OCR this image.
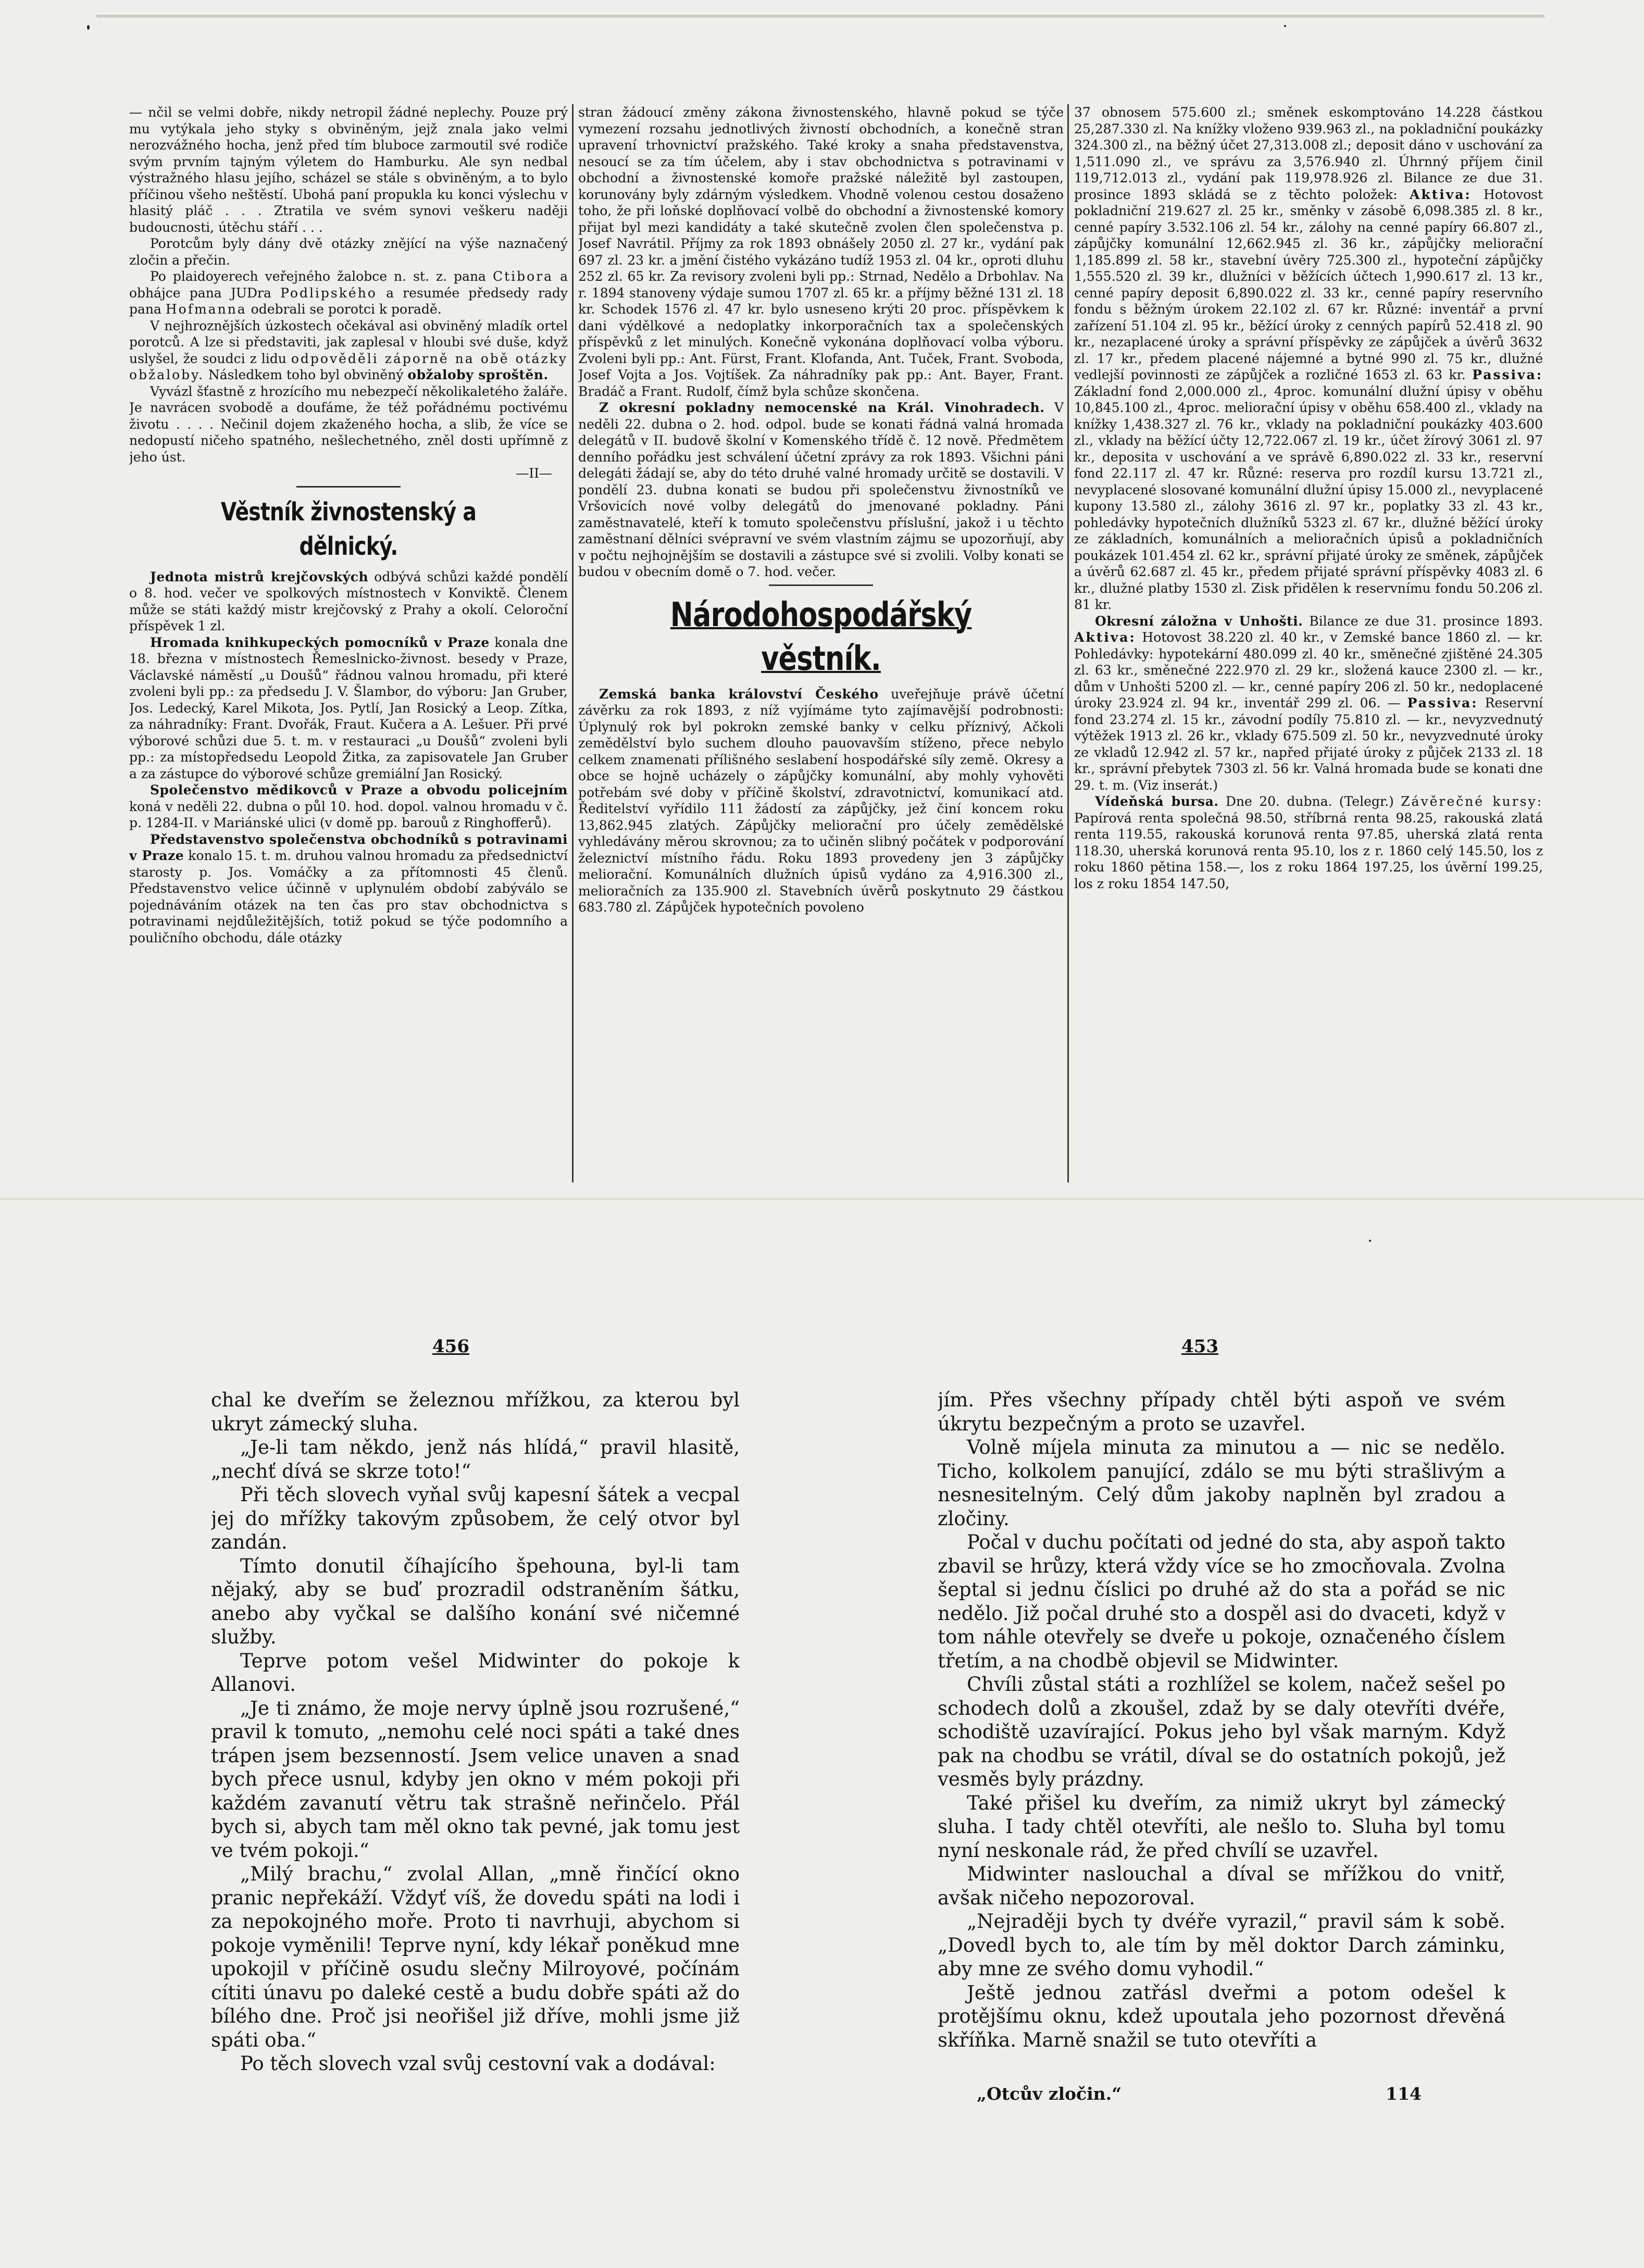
— nčil se velmi dobře, nikdy netropil žádné neplechy. Pouze prý mu vytýkala jeho styky s obviněným, jejž znala jako velmi nerozvážného hocha, jenž před tím bluboce zarmoutil své rodiče svým prvním tajným výletem do Hamburku. Ale syn nedbal výstražného hlasu jejího, scházel se stále s obviněným, a to bylo příčinou všeho neštěstí. Ubohá paní propukla ku konci výslechu v hlasitý pláč . . . Ztratila ve svém synovi veškeru naději budoucnosti, útěchu stáří . . .

Porotcům byly dány dvě otázky znějící na výše naznačený zločin a přečin.

Po plaidoyerech veřejného žalobce n. st. z. pana Ctibora a obhájce pana JUDra Podlipského a resumée předsedy rady pana Hofmanna odebrali se porotci k poradě.

V nejhroznějších úzkostech očekával asi obviněný mladík ortel porotců. A lze si představiti, jak zaplesal v hloubi své duše, když uslyšel, že soudci z lidu odpověděli záporně na obě otázky obžaloby. Následkem toho byl obviněný obžaloby sproštěn.

Vyvázl šťastně z hrozícího mu nebezpečí několikaletého žaláře. Je navrácen svobodě a doufáme, že též pořádnému poctivému životu . . . . Nečinil dojem zkaženého hocha, a slib, že více se nedopustí ničeho spatného, nešlechetného, zněl dosti upřímně z jeho úst.

—II—
Věstník živnostenský a dělnický.

Jednota mistrů krejčovských odbývá schůzi každé pondělí o 8. hod. večer ve spolkových místnostech v Konviktě. Členem může se státi každý mistr krejčovský z Prahy a okolí. Celoroční příspěvek 1 zl.

Hromada knihkupeckých pomocníků v Praze konala dne 18. března v místnostech Řemeslnicko-živnost. besedy v Praze, Václavské náměstí „u Doušů“ řádnou valnou hromadu, při které zvoleni byli pp.: za předsedu J. V. Šlambor, do výboru: Jan Gruber, Jos. Ledecký, Karel Mikota, Jos. Pytlí, Jan Rosický a Leop. Zítka, za náhradníky: Frant. Dvořák, Fraut. Kučera a A. Lešuer. Při prvé výborové schůzi due 5. t. m. v restauraci „u Doušů“ zvoleni byli pp.: za místopředsedu Leopold Žitka, za zapisovatele Jan Gruber a za zástupce do výborové schůze gremiální Jan Rosický.

Společenstvo mědikovců v Praze a obvodu policejním koná v neděli 22. dubna o půl 10. hod. dopol. valnou hromadu v č. p. 1284-II. v Mariánské ulici (v domě pp. barouů z Ringhofferů).

Představenstvo společenstva obchodníků s potravinami v Praze konalo 15. t. m. druhou valnou hromadu za předsednictví starosty p. Jos. Vomáčky a za přítomnosti 45 členů. Představenstvo velice účinně v uplynulém období zabýválo se pojednáváním otázek na ten čas pro stav obchodnictva s potravinami nejdůležitějších, totiž pokud se týče podomního a pouličního obchodu, dále otázky

stran žádoucí změny zákona živnostenského, hlavně pokud se týče vymezení rozsahu jednotlivých živností obchodních, a konečně stran upravení trhovnictví pražského. Také kroky a snaha představenstva, nesoucí se za tím účelem, aby i stav obchodnictva s potravinami v obchodní a živnostenské komoře pražské náležitě byl zastoupen, korunovány byly zdárným výsledkem. Vhodně volenou cestou dosaženo toho, že při loňské doplňovací volbě do obchodní a živnostenské komory přijat byl mezi kandidáty a také skutečně zvolen člen společenstva p. Josef Navrátil. Příjmy za rok 1893 obnášely 2050 zl. 27 kr., vydání pak 697 zl. 23 kr. a jmění čistého vykázáno tudíž 1953 zl. 04 kr., oproti dluhu 252 zl. 65 kr. Za revisory zvoleni byli pp.: Strnad, Nedělo a Drbohlav. Na r. 1894 stanoveny výdaje sumou 1707 zl. 65 kr. a příjmy běžné 131 zl. 18 kr. Schodek 1576 zl. 47 kr. bylo usneseno krýti 20 proc. příspěvkem k dani výdělkové a nedoplatky inkorporačních tax a společenských příspěvků z let minulých. Konečně vykonána doplňovací volba výboru. Zvoleni byli pp.: Ant. Fürst, Frant. Klofanda, Ant. Tuček, Frant. Svoboda, Josef Vojta a Jos. Vojtíšek. Za náhradníky pak pp.: Ant. Bayer, Frant. Bradáč a Frant. Rudolf, čímž byla schůze skončena.

Z okresní pokladny nemocenské na Král. Vinohradech. V neděli 22. dubna o 2. hod. odpol. bude se konati řádná valná hromada delegátů v II. budově školní v Komenského třídě č. 12 nově. Předmětem denního pořádku jest schválení účetní zprávy za rok 1893. Všichni páni delegáti žádají se, aby do této druhé valné hromady určitě se dostavili. V pondělí 23. dubna konati se budou při společenstvu živnostníků ve Vršovicích nové volby delegátů do jmenované pokladny. Páni zaměstnavatelé, kteří k tomuto společenstvu příslušní, jakož i u těchto zaměstnaní dělníci svépravní ve svém vlastním zájmu se upozorňují, aby v počtu nejhojnějším se dostavili a zástupce své si zvolili. Volby konati se budou v obecním domě o 7. hod. večer.

Národohospodářský věstník.

Zemská banka království Českého uveřejňuje právě účetní závěrku za rok 1893, z níž vyjímáme tyto zajímavější podrobnosti: Úplynulý rok byl pokrokn zemské banky v celku příznivý, Ačkoli zemědělství bylo suchem dlouho pauovavším stíženo, přece nebylo celkem znamenati přílišného seslabení hospodářské síly země. Okresy a obce se hojně ucházely o zápůjčky komunální, aby mohly vyhověti potřebám své doby v příčině školství, zdravotnictví, komunikací atd. Ředitelství vyřídilo 111 žádostí za zápůjčky, jež činí koncem roku 13,862.945 zlatých. Zápůjčky meliorační pro účely zemědělské vyhledávány měrou skrovnou; za to učiněn slibný počátek v podporování železnictví místního řádu. Roku 1893 provedeny jen 3 zápůjčky meliorační. Komunálních dlužních úpisů vydáno za 4,916.300 zl., melioračních za 135.900 zl. Stavebních úvěrů poskytnuto 29 částkou 683.780 zl. Zápůjček hypotečních povoleno

37 obnosem 575.600 zl.; směnek eskomptováno 14.228 částkou 25,287.330 zl. Na knížky vloženo 939.963 zl., na pokladniční poukázky 324.300 zl., na běžný účet 27,313.008 zl.; deposit dáno v uschování za 1,511.090 zl., ve správu za 3,576.940 zl. Úhrnný příjem činil 119,712.013 zl., vydání pak 119,978.926 zl. Bilance ze due 31. prosince 1893 skládá se z těchto položek: Aktiva: Hotovost pokladniční 219.627 zl. 25 kr., směnky v zásobě 6,098.385 zl. 8 kr., cenné papíry 3.532.106 zl. 54 kr., zálohy na cenné papíry 66.807 zl., zápůjčky komunální 12,662.945 zl. 36 kr., zápůjčky meliorační 1,185.899 zl. 58 kr., stavební úvěry 725.300 zl., hypoteční zápůjčky 1,555.520 zl. 39 kr., dlužníci v běžících účtech 1,990.617 zl. 13 kr., cenné papíry deposit 6,890.022 zl. 33 kr., cenné papíry reservního fondu s běžným úrokem 22.102 zl. 67 kr. Různé: inventář a první zařízení 51.104 zl. 95 kr., běžící úroky z cenných papírů 52.418 zl. 90 kr., nezaplacené úroky a správní příspěvky ze zápůjček a úvěrů 3632 zl. 17 kr., předem placené nájemné a bytné 990 zl. 75 kr., dlužné vedlejší povinnosti ze zápůjček a rozličné 1653 zl. 63 kr. Passiva: Základní fond 2,000.000 zl., 4proc. komunální dlužní úpisy v oběhu 10,845.100 zl., 4proc. meliorační úpisy v oběhu 658.400 zl., vklady na knížky 1,438.327 zl. 76 kr., vklady na pokladniční poukázky 403.600 zl., vklady na běžící účty 12,722.067 zl. 19 kr., účet žírový 3061 zl. 97 kr., deposita v uschování a ve správě 6,890.022 zl. 33 kr., reservní fond 22.117 zl. 47 kr. Různé: reserva pro rozdíl kursu 13.721 zl., nevyplacené slosované komunální dlužní úpisy 15.000 zl., nevyplacené kupony 13.580 zl., zálohy 3616 zl. 97 kr., poplatky 33 zl. 43 kr., pohledávky hypotečních dlužníků 5323 zl. 67 kr., dlužné běžící úroky ze základních, komunálních a melioračních úpisů a pokladničních poukázek 101.454 zl. 62 kr., správní přijaté úroky ze směnek, zápůjček a úvěrů 62.687 zl. 45 kr., předem přijaté správní příspěvky 4083 zl. 6 kr., dlužné platby 1530 zl. Zisk přidělen k reservnímu fondu 50.206 zl. 81 kr.

Okresní záložna v Unhošti. Bilance ze due 31. prosince 1893. Aktiva: Hotovost 38.220 zl. 40 kr., v Zemské bance 1860 zl. — kr. Pohledávky: hypotekární 480.099 zl. 40 kr., směnečné zjištěné 24.305 zl. 63 kr., směnečné 222.970 zl. 29 kr., složená kauce 2300 zl. — kr., dům v Unhošti 5200 zl. — kr., cenné papíry 206 zl. 50 kr., nedoplacené úroky 23.924 zl. 94 kr., inventář 299 zl. 06. — Passiva: Reservní fond 23.274 zl. 15 kr., závodní podíly 75.810 zl. — kr., nevyzvednutý výtěžek 1913 zl. 26 kr., vklady 675.509 zl. 50 kr., nevyzvednuté úroky ze vkladů 12.942 zl. 57 kr., napřed přijaté úroky z půjček 2133 zl. 18 kr., správní přebytek 7303 zl. 56 kr. Valná hromada bude se konati dne 29. t. m. (Viz inserát.)

Vídeňská bursa. Dne 20. dubna. (Telegr.) Závěrečné kursy: Papírová renta společná 98.50, stříbrná renta 98.25, rakouská zlatá renta 119.55, rakouská korunová renta 97.85, uherská zlatá renta 118.30, uherská korunová renta 95.10, los z r. 1860 celý 145.50, los z roku 1860 pětina 158.—, los z roku 1864 197.25, los úvěrní 199.25, los z roku 1854 147.50,

456	453

chal ke dveřím se železnou mřížkou, za kterou byl ukryt zámecký sluha.

„Je-li tam někdo, jenž nás hlídá,“ pravil hlasitě, „nechť dívá se skrze toto!“

Při těch slovech vyňal svůj kapesní šátek a vecpal jej do mřížky takovým způsobem, že celý otvor byl zandán.

Tímto donutil číhajícího špehouna, byl-li tam nějaký, aby se buď prozradil odstraněním šátku, anebo aby vyčkal se dalšího konání své ničemné služby.

Teprve potom vešel Midwinter do pokoje k Allanovi.

„Je ti známo, že moje nervy úplně jsou rozrušené,“ pravil k tomuto, „nemohu celé noci spáti a také dnes trápen jsem bezsenností. Jsem velice unaven a snad bych přece usnul, kdyby jen okno v mém pokoji při každém zavanutí větru tak strašně neřinčelo. Přál bych si, abych tam měl okno tak pevné, jak tomu jest ve tvém pokoji.“

„Milý brachu,“ zvolal Allan, „mně řinčící okno pranic nepřekáží. Vždyť víš, že dovedu spáti na lodi i za nepokojného moře. Proto ti navrhuji, abychom si pokoje vyměnili! Teprve nyní, kdy lékař poněkud mne upokojil v příčině osudu slečny Milroyové, počínám cítiti únavu po daleké cestě a budu dobře spáti až do bílého dne. Proč jsi neořišel již dříve, mohli jsme již spáti oba.“

Po těch slovech vzal svůj cestovní vak a dodával:

jím. Přes všechny případy chtěl býti aspoň ve svém úkrytu bezpečným a proto se uzavřel.

Volně míjela minuta za minutou a — nic se nedělo. Ticho, kolkolem panující, zdálo se mu býti strašlivým a nesnesitelným. Celý dům jakoby naplněn byl zradou a zločiny.

Počal v duchu počítati od jedné do sta, aby aspoň takto zbavil se hrůzy, která vždy více se ho zmocňovala. Zvolna šeptal si jednu číslici po druhé až do sta a pořád se nic nedělo. Již počal druhé sto a dospěl asi do dvaceti, když v tom náhle otevřely se dveře u pokoje, označeného číslem třetím, a na chodbě objevil se Midwinter.

Chvíli zůstal státi a rozhlížel se kolem, načež sešel po schodech dolů a zkoušel, zdaž by se daly otevříti dvéře, schodiště uzavírající. Pokus jeho byl však marným. Když pak na chodbu se vrátil, díval se do ostatních pokojů, jež vesměs byly prázdny.

Také přišel ku dveřím, za nimiž ukryt byl zámecký sluha. I tady chtěl otevříti, ale nešlo to. Sluha byl tomu nyní neskonale rád, že před chvílí se uzavřel.

Midwinter naslouchal a díval se mřížkou do vnitř, avšak ničeho nepozoroval.

„Nejraději bych ty dvéře vyrazil,“ pravil sám k sobě. „Dovedl bych to, ale tím by měl doktor Darch záminku, aby mne ze svého domu vyhodil.“

Ještě jednou zatřásl dveřmi a potom odešel k protějšímu oknu, kdež upoutala jeho pozornost dřevěná skříňka. Marně snažil se tuto otevříti a

„Otcův zločin.“	114
